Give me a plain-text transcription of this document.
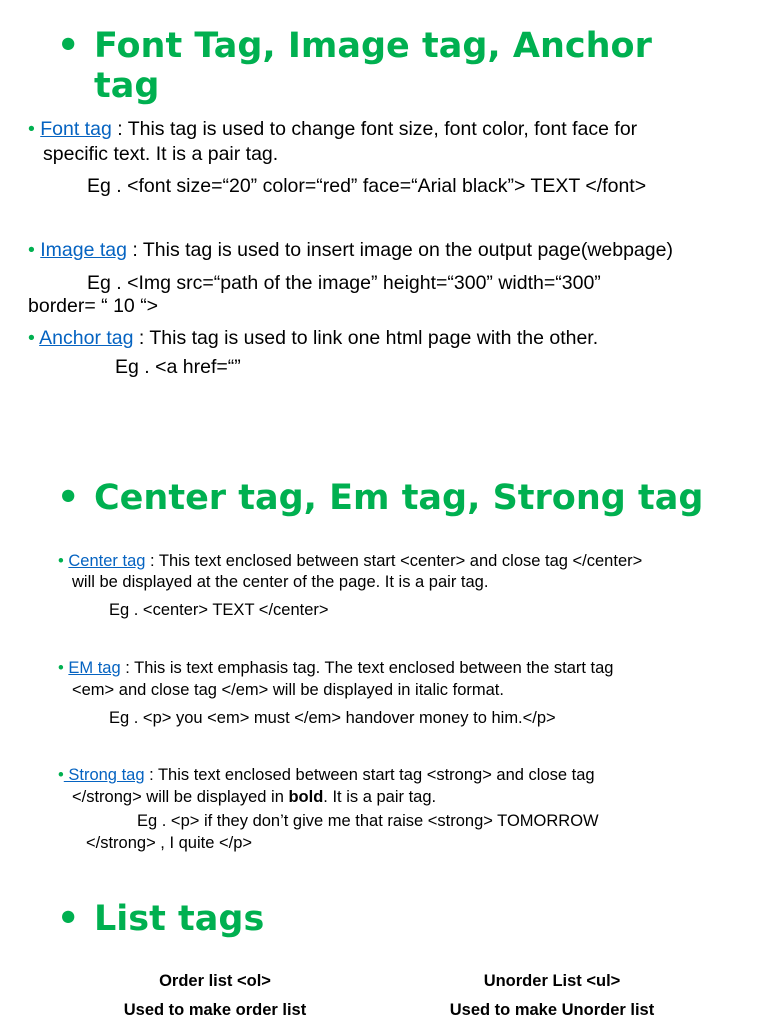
• Font Tag, Image tag, Anchor
tag
• Font tag : This tag is used to change font size, font color, font face for
specific text. It is a pair tag.
Eg . <font size=“20” color=“red” face=“Arial black”> TEXT </font>
• Image tag : This tag is used to insert image on the output page(webpage)
Eg . <Img src=“path of the image” height=“300” width=“300”
border= “ 10 “>
• Anchor tag : This tag is used to link one html page with the other.
Eg . <a href=“”
• Center tag, Em tag, Strong tag
• Center tag : This text enclosed between start <center> and close tag </center>
will be displayed at the center of the page. It is a pair tag.
Eg . <center> TEXT </center>
• EM tag : This is text emphasis tag. The text enclosed between the start tag
<em> and close tag </em> will be displayed in italic format.
Eg . <p> you <em> must </em> handover money to him.</p>
• Strong tag : This text enclosed between start tag <strong> and close tag
</strong> will be displayed in bold. It is a pair tag.
Eg . <p> if they don’t give me that raise <strong> TOMORROW
</strong> , I quite </p>
• List tags
Order list <ol>
Used to make order list
Unorder List <ul>
Used to make Unorder list
